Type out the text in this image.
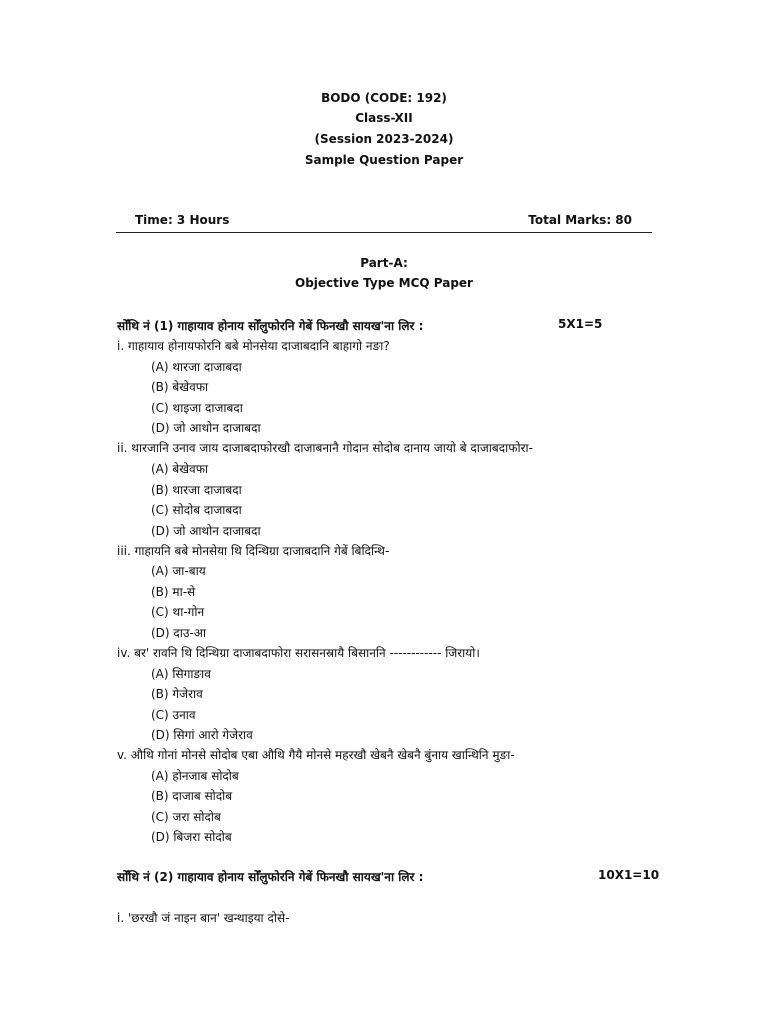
BODO (CODE: 192)
Class-XII
(Session 2023-2024)
Sample Question Paper
Time: 3 Hours	Total Marks: 80
Part-A:
Objective Type MCQ Paper
सोँथि नं (1) गाहायाव होनाय सोँलुफोरनि गेबें फिनखौ सायख'ना लिर :	5X1=5
i. गाहायाव होनायफोरनि बबे मोनसेया दाजाबदानि बाहागो नङा?
(A) थारजा दाजाबदा
(B) बेखेवफा
(C) थाइजा दाजाबदा
(D) जो आथोन दाजाबदा
ii. थारजानि उनाव जाय दाजाबदाफोरखौ दाजाबनानै गोदान सोदोब दानाय जायो बे दाजाबदाफोरा-
(A) बेखेवफा
(B) थारजा दाजाबदा
(C) सोदोब दाजाबदा
(D) जो आथोन दाजाबदा
iii. गाहायनि बबे मोनसेया थि दिन्थिग्रा दाजाबदानि गेबें बिदिन्थि-
(A) जा-बाय
(B) मा-से
(C) था-गोन
(D) दाउ-आ
iv. बर' रावनि थि दिन्थिग्रा दाजाबदाफोरा सरासनस्रायै बिसाननि ------------ जिरायो।
(A) सिगाङाव
(B) गेजेराव
(C) उनाव
(D) सिगां आरो गेजेराव
v. औथि गोनां मोनसे सोदोब एबा औथि गैयै मोनसे महरखौ खेबनै खेबनै बुंनाय खान्थिनि मुङा-
(A) होनजाब सोदोब
(B) दाजाब सोदोब
(C) जरा सोदोब
(D) बिजरा सोदोब
सोँथि नं (2) गाहायाव होनाय सोँलुफोरनि गेबें फिनखौ सायख'ना लिर :	10X1=10
i. 'छरखौ जं नाइन बान' खन्थाइया दोसे-
